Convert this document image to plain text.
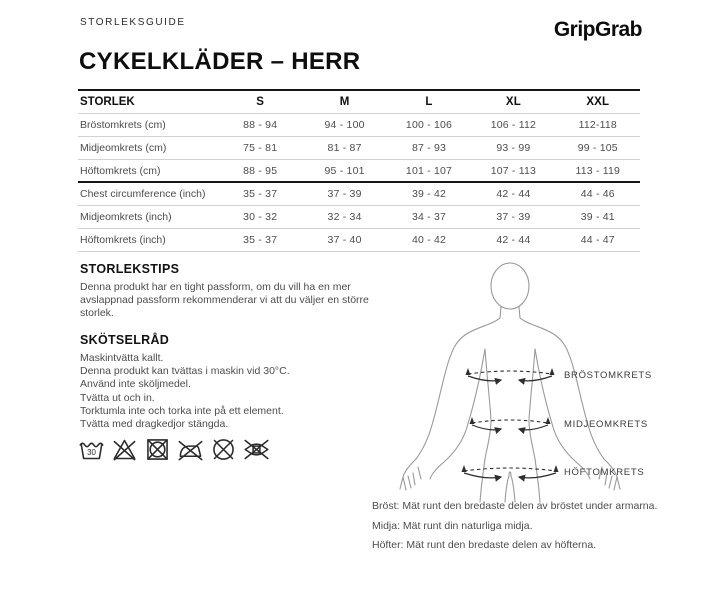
STORLEKSGUIDE	GripGrab
CYKELKLÄDER – HERR
STORLEK	S	M	L	XL	XXL
Bröstomkrets (cm)	88 - 94	94 - 100	100 - 106	106 - 112	112-118
Midjeomkrets (cm)	75 - 81	81 - 87	87 - 93	93 - 99	99 - 105
Höftomkrets (cm)	88 - 95	95 - 101	101 - 107	107 - 113	113 - 119
Chest circumference (inch)	35 - 37	37 - 39	39 - 42	42 - 44	44 - 46
Midjeomkrets (inch)	30 - 32	32 - 34	34 - 37	37 - 39	39 - 41
Höftomkrets (inch)	35 - 37	37 - 40	40 - 42	42 - 44	44 - 47
STORLEKSTIPS

Denna produkt har en tight passform, om du vill ha en mer avslappnad passform rekommenderar vi att du väljer en större storlek.

SKÖTSELRÅD
Maskintvätta kallt.
Denna produkt kan tvättas i maskin vid 30°C.
Använd inte sköljmedel.
Tvätta ut och in.
Torktumla inte och torka inte på ett element.
Tvätta med dragkedjor stängda.
30
BRÖSTOMKRETS
MIDJEOMKRETS
HÖFTOMKRETS
Bröst: Mät runt den bredaste delen av bröstet under armarna.
Midja: Mät runt din naturliga midja.
Höfter: Mät runt den bredaste delen av höfterna.
